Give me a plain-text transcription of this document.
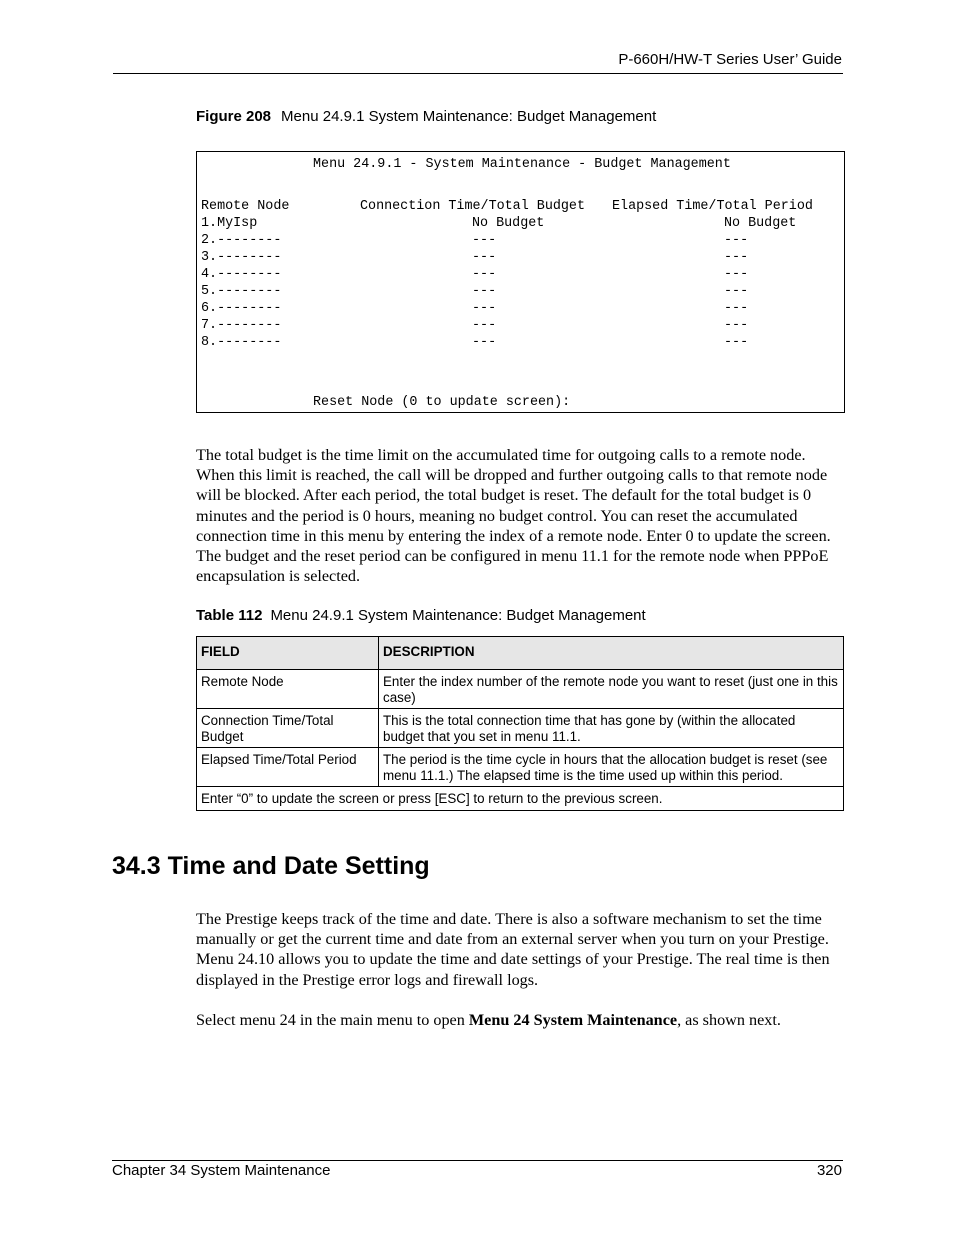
P-660H/HW-T Series User’ Guide
Figure 208 Menu 24.9.1 System Maintenance: Budget Management
Menu 24.9.1 - System Maintenance - Budget Management
Remote Node	Connection Time/Total Budget Elapsed Time/Total Period
1.MyIsp	No Budget	No Budget
2.--------	---	---
3.--------	---	---
4.--------	---	---
5.--------	---	---
6.--------	---	---
7.--------	---	---
8.--------	---	---
Reset Node (0 to update screen):
The total budget is the time limit on the accumulated time for outgoing calls to a remote node. When this limit is reached, the call will be dropped and further outgoing calls to that remote node will be blocked. After each period, the total budget is reset. The default for the total budget is 0 minutes and the period is 0 hours, meaning no budget control. You can reset the accumulated connection time in this menu by entering the index of a remote node. Enter 0 to update the screen. The budget and the reset period can be configured in menu 11.1 for the remote node when PPPoE encapsulation is selected.
Table 112 Menu 24.9.1 System Maintenance: Budget Management
FIELD	DESCRIPTION
Remote Node	Enter the index number of the remote node you want to reset (just one in this case)
Connection Time/Total Budget	This is the total connection time that has gone by (within the allocated budget that you set in menu 11.1.
Elapsed Time/Total Period	The period is the time cycle in hours that the allocation budget is reset (see menu 11.1.) The elapsed time is the time used up within this period.
Enter “0” to update the screen or press [ESC] to return to the previous screen.	
34.3 Time and Date Setting
The Prestige keeps track of the time and date. There is also a software mechanism to set the time manually or get the current time and date from an external server when you turn on your Prestige. Menu 24.10 allows you to update the time and date settings of your Prestige. The real time is then displayed in the Prestige error logs and firewall logs.
Select menu 24 in the main menu to open Menu 24 System Maintenance, as shown next.
Chapter 34 System Maintenance	320
